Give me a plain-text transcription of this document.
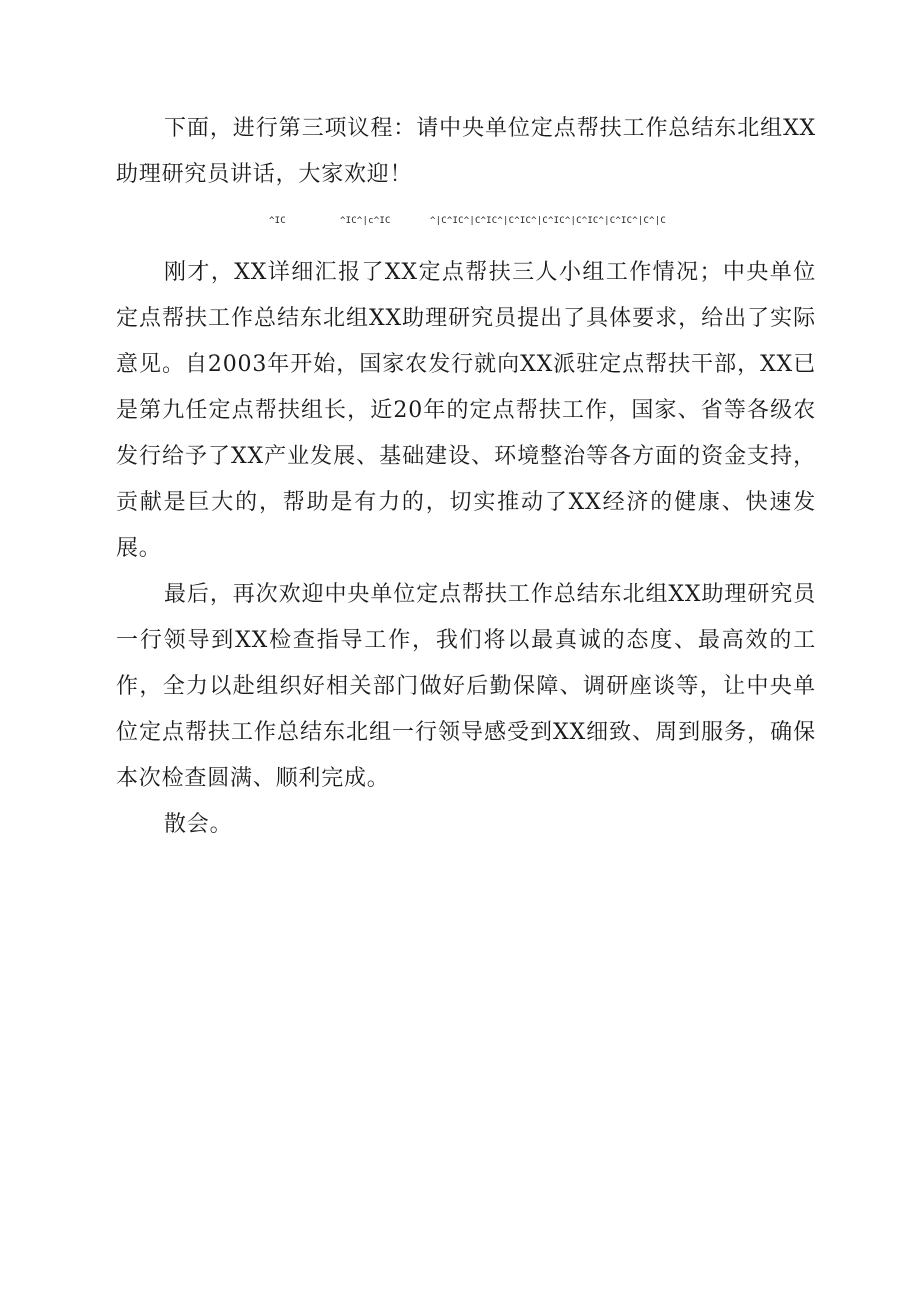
下面，进行第三项议程：请中央单位定点帮扶工作总结东北组XX助理研究员讲话，大家欢迎！

^IC	^IC^|c^IC	^|C^IC^|C^IC^|C^IC^|C^IC^|C^IC^|C^IC^|C^|C

刚才，XX详细汇报了XX定点帮扶三人小组工作情况；中央单位定点帮扶工作总结东北组XX助理研究员提出了具体要求，给出了实际意见。自2003年开始，国家农发行就向XX派驻定点帮扶干部，XX已是第九任定点帮扶组长，近20年的定点帮扶工作，国家、省等各级农发行给予了XX产业发展、基础建设、环境整治等各方面的资金支持，贡献是巨大的，帮助是有力的，切实推动了XX经济的健康、快速发展。

最后，再次欢迎中央单位定点帮扶工作总结东北组XX助理研究员一行领导到XX检查指导工作，我们将以最真诚的态度、最高效的工作，全力以赴组织好相关部门做好后勤保障、调研座谈等，让中央单位定点帮扶工作总结东北组一行领导感受到XX细致、周到服务，确保本次检查圆满、顺利完成。

散会。
